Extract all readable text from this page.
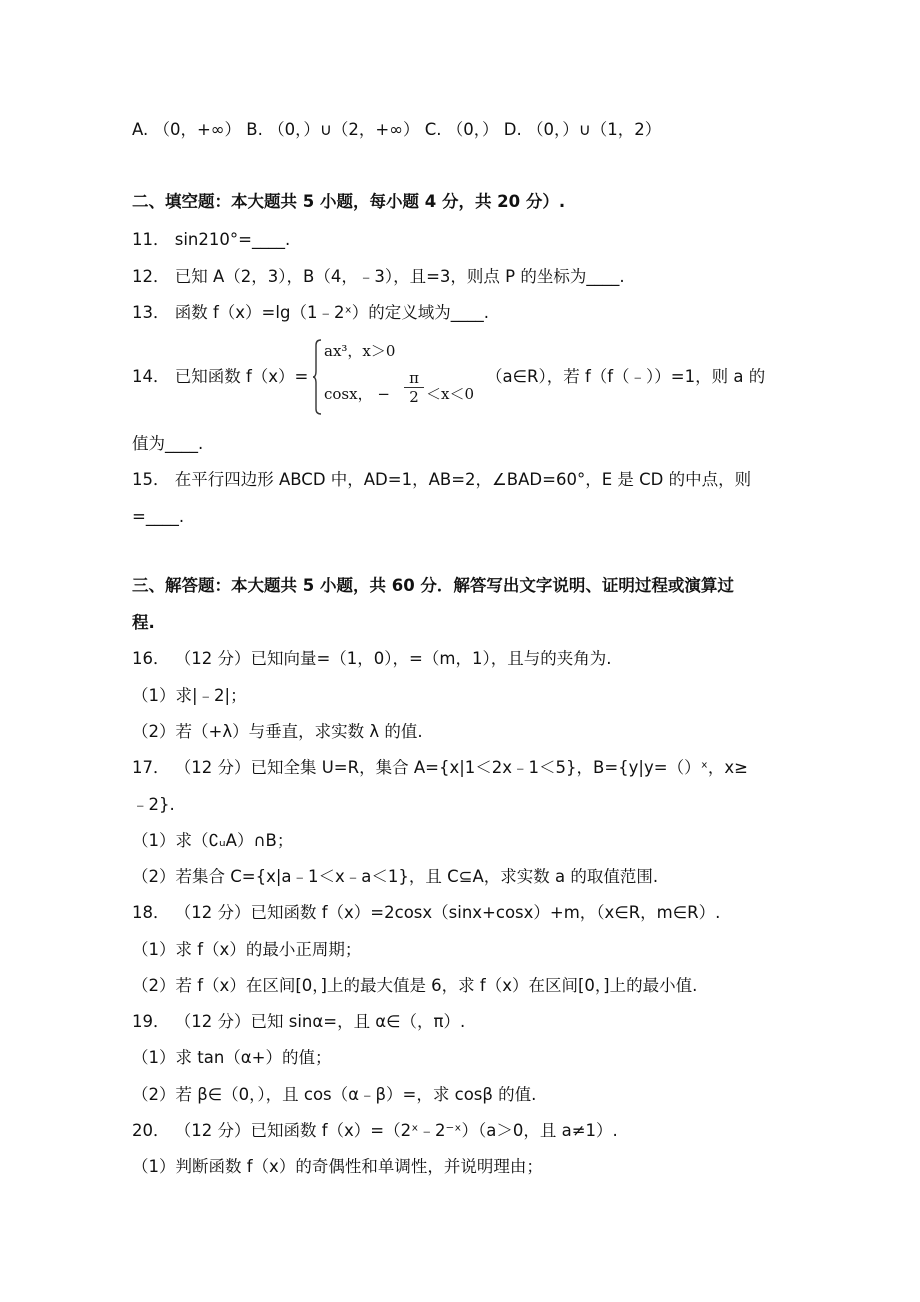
A. （0，+∞） B. （0，）∪（2，+∞） C. （0，） D. （0，）∪（1，2）
二、填空题：本大题共 5 小题，每小题 4 分，共 20 分）.
11． sin210°=____.
12． 已知 A（2，3），B（4，﹣3），且=3，则点 P 的坐标为____.
13． 函数 f（x）=lg（1﹣2ˣ）的定义域为____.
14． 已知函数 f（x）=
ax³，x＞0
cosx， −
π
2 ＜x＜0
（a∈R），若 f（f（﹣））=1，则 a 的
值为____.
15． 在平行四边形 ABCD 中，AD=1，AB=2，∠BAD=60°，E 是 CD 的中点，则
=____.
三、解答题：本大题共 5 小题，共 60 分．解答写出文字说明、证明过程或演算过
程.
16． （12 分）已知向量=（1，0），=（m，1），且与的夹角为.
（1）求|﹣2|；
（2）若（+λ）与垂直，求实数 λ 的值.
17． （12 分）已知全集 U=R，集合 A={x|1＜2x﹣1＜5}，B={y|y=（）ˣ，x≥
﹣2}.
（1）求（∁ᵤA）∩B；
（2）若集合 C={x|a﹣1＜x﹣a＜1}，且 C⊆A，求实数 a 的取值范围.
18． （12 分）已知函数 f（x）=2cosx（sinx+cosx）+m，（x∈R，m∈R）.
（1）求 f（x）的最小正周期；
（2）若 f（x）在区间[0，]上的最大值是 6，求 f（x）在区间[0，]上的最小值.
19． （12 分）已知 sinα=，且 α∈（，π）.
（1）求 tan（α+）的值；
（2）若 β∈（0，），且 cos（α﹣β）=，求 cosβ 的值.
20． （12 分）已知函数 f（x）=（2ˣ﹣2⁻ˣ）（a＞0，且 a≠1）.
（1）判断函数 f（x）的奇偶性和单调性，并说明理由；
